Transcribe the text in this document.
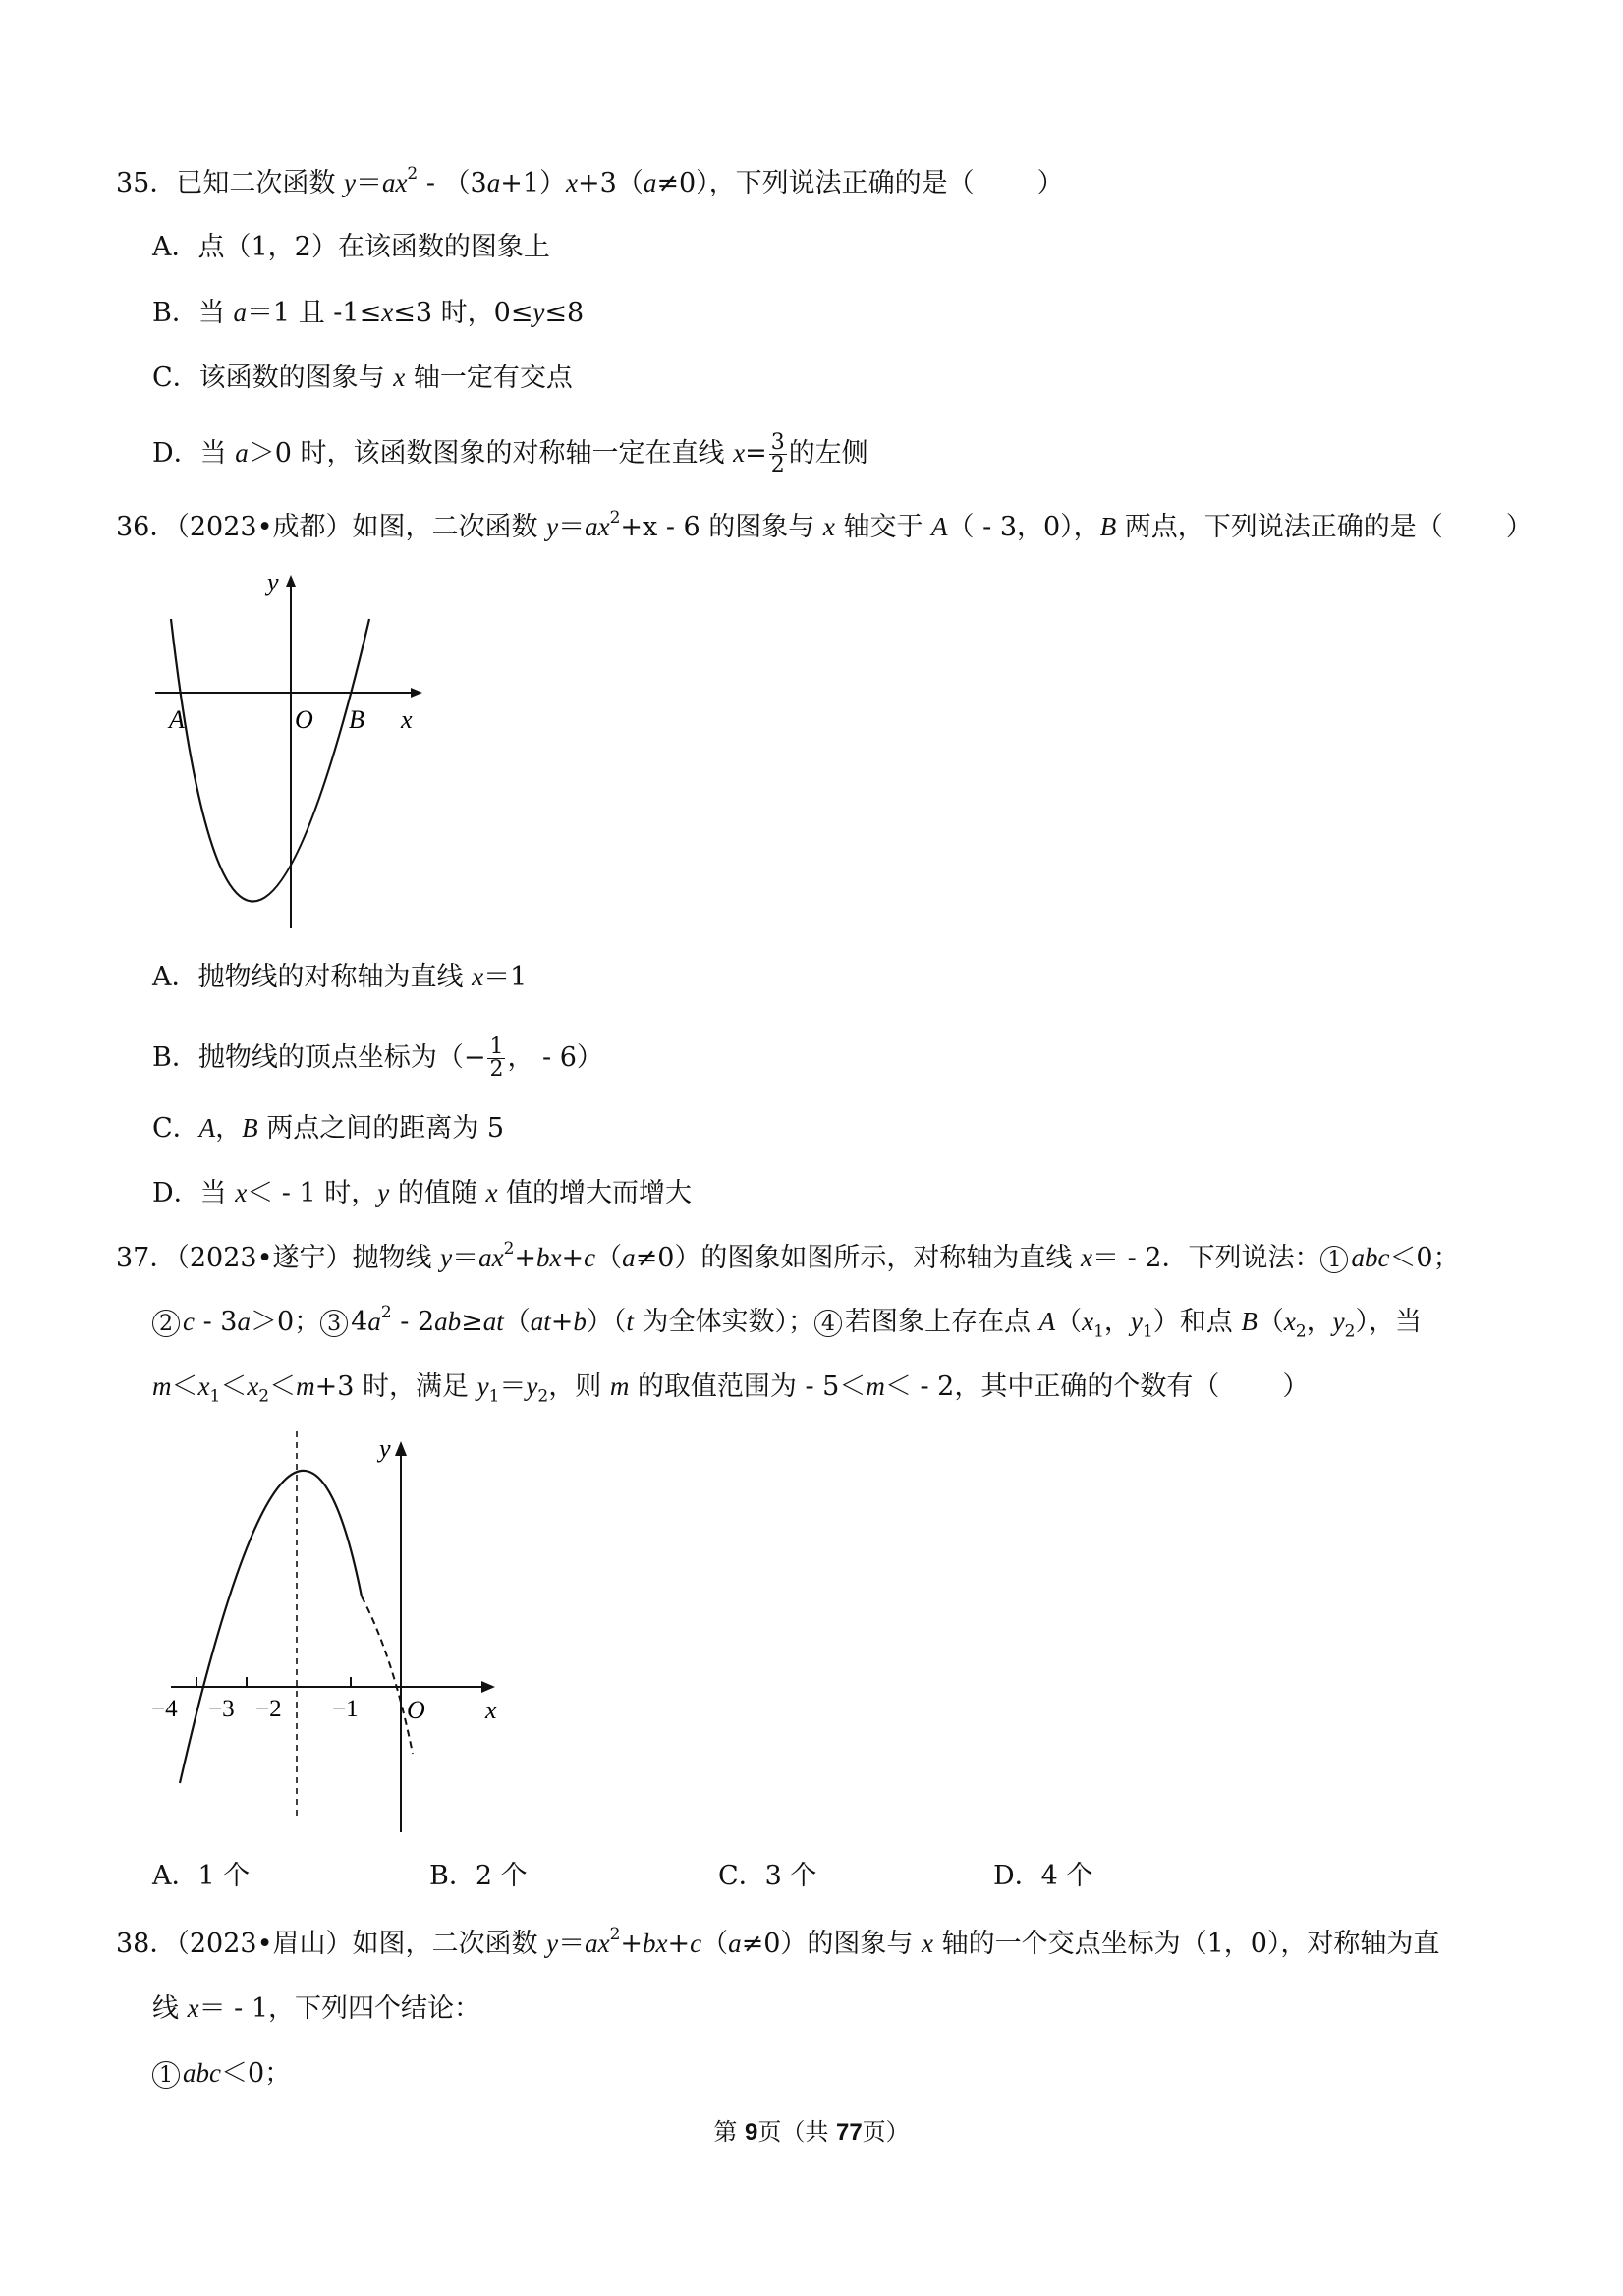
35．已知二次函数 $y=ax^2$ ‐ （3a+1）x+3（a≠0），下列说法正确的是（ ）
A．点（1，2）在该函数的图象上
B．当 a＝1 且 ‐1≤x≤3 时，0≤y≤8
C．该函数的图象与 x 轴一定有交点
D．当 a＞0 时，该函数图象的对称轴一定在直线 $x= \frac{3}{2}$ 的左侧
36．（2023•成都）如图，二次函数 $y=ax^2+x$ ‐ 6 的图象与 x 轴交于 A（ ‐ 3，0），B 两点，下列说法正确的是（ ）
y
A	O B x
A．抛物线的对称轴为直线 x＝1
B．抛物线的顶点坐标为（− $\frac{1}{2}$ ， ‐ 6）
C．A，B 两点之间的距离为 5
D．当 x＜ ‐ 1 时，y 的值随 x 值的增大而增大
37．（2023•遂宁）抛物线 $y=ax^2+bx+c(a\ne 0)$的图象如图所示，对称轴为直线 x＝ ‐ 2．下列说法： 1 abc＜0；
2 c ‐ 3a＞0； 3 $4a^2$ ‐ 2ab≥at（at+b）（t 为全体实数）； 4 若图象上存在点 $A(x_1$，$y_1$）和点 $B(x_2$，$y_2$），当
$m<x_1<x_2<m+3$ 时，满足 $y_1=y_2$，则 m 的取值范围为 ‐ 5＜m＜ ‐ 2，其中正确的个数有（ ）
y
x
O
−4 −3 −2 −1
A．1 个	B．2 个	C．3 个	D．4 个
38．（2023•眉山）如图，二次函数 $y=ax^2+bx+c(a\ne 0)$的图象与 x 轴的一个交点坐标为（1，0），对称轴为直
线 x＝ ‐ 1，下列四个结论：
1 abc＜0；
第 9页（共 77页）
